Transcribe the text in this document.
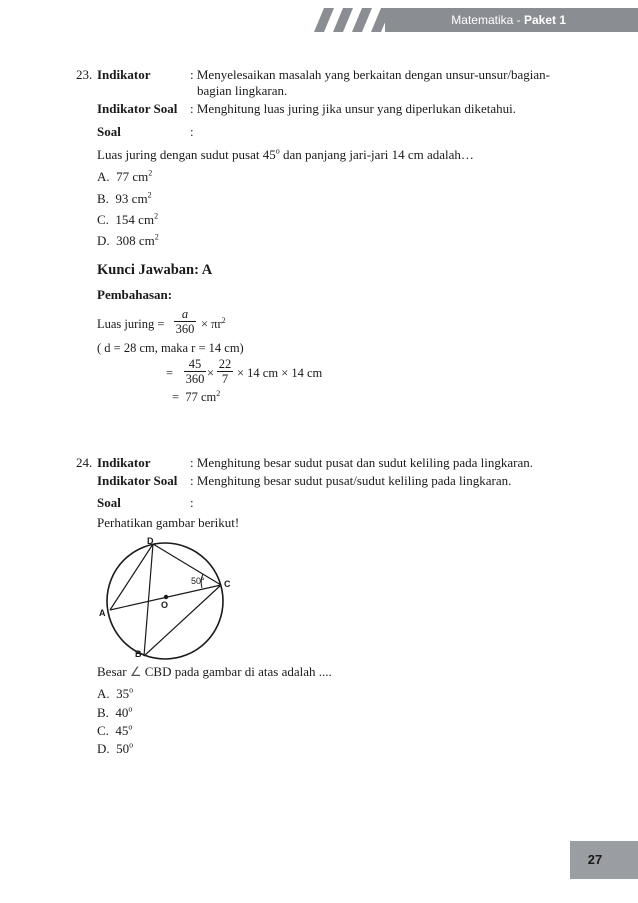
Matematika - Paket 1
23. Indikator	: Menyelesaikan masalah yang berkaitan dengan unsur-unsur/bagian-
bagian lingkaran.
Indikator Soal : Menghitung luas juring jika unsur yang diperlukan diketahui.
Soal	:
Luas juring dengan sudut pusat 45$^o$ dan panjang jari-jari 14 cm adalah…
A. 77 $cm^2$
B. 93 $cm^2$
C. 154 $cm^2$
D. 308 $cm^2$
Kunci Jawaban: A
Pembahasan:
Luas juring = $\frac{a}{360} \times \pi r^2$
( d = 28 cm, maka r = 14 cm)
= $\frac{45}{360} \times \frac{22}{7} \times 14$ cm × 14 cm
= 77 $cm^2$
24. Indikator	: Menghitung besar sudut pusat dan sudut keliling pada lingkaran.
Indikator Soal : Menghitung besar sudut pusat/sudut keliling pada lingkaran.
Soal	:
Perhatikan gambar berikut!
D
C
A
B
O
50°
Besar ∠ CBD pada gambar di atas adalah ....
A. 35$^o$
B. 40$^o$
C. 45$^o$
D. 50$^o$
27
